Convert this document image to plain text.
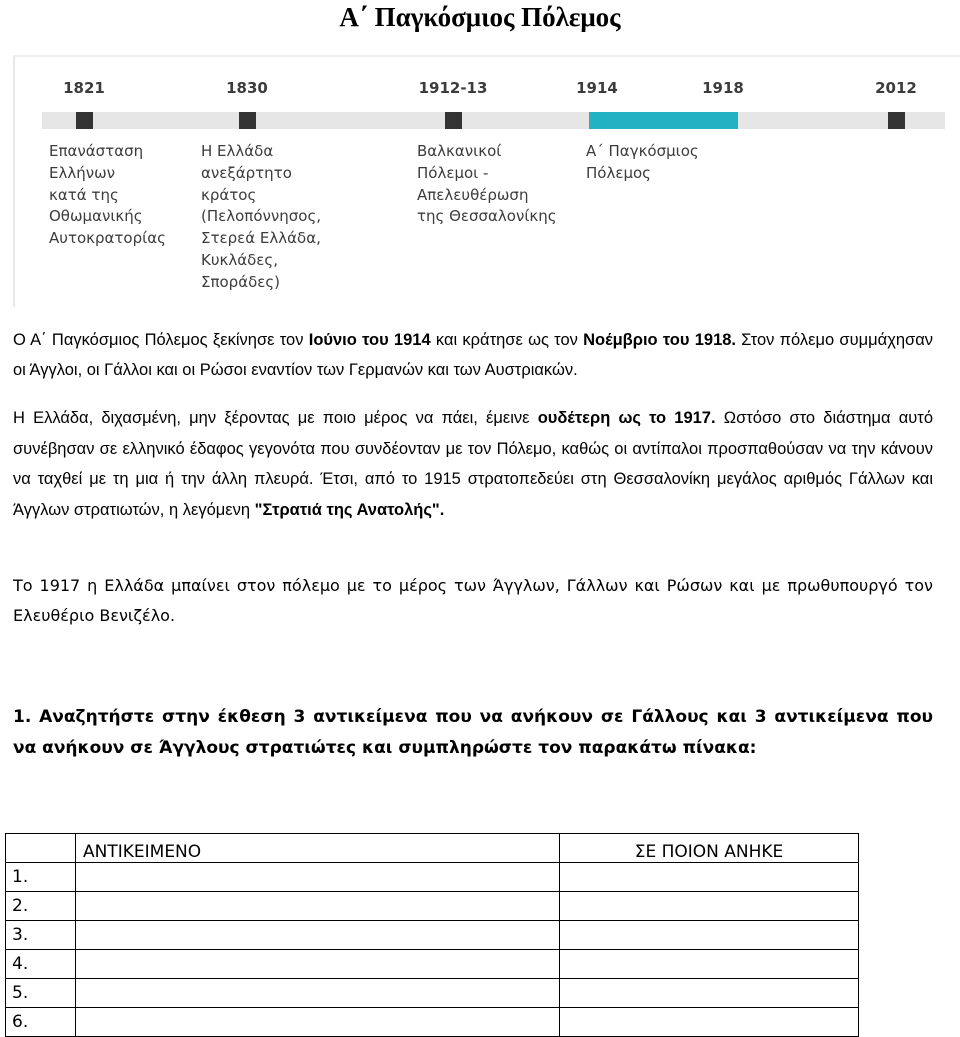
Α΄ Παγκόσμιος Πόλεμος
1821	1830	1912-13	1914	1918	2012
Επανάσταση
Ελλήνων
κατά της
Οθωμανικής
Αυτοκρατορίας
Η Ελλάδα
ανεξάρτητο
κράτος
(Πελοπόννησος,
Στερεά Ελλάδα,
Κυκλάδες,
Σποράδες)
Βαλκανικοί
Πόλεμοι -
Απελευθέρωση
της Θεσσαλονίκης
Α΄ Παγκόσμιος
Πόλεμος

Ο Α΄ Παγκόσμιος Πόλεμος ξεκίνησε τον Ιούνιο του 1914 και κράτησε ως τον Νοέμβριο του 1918. Στον πόλεμο συμμάχησαν οι Άγγλοι, οι Γάλλοι και οι Ρώσοι εναντίον των Γερμανών και των Αυστριακών.

Η Ελλάδα, διχασμένη, μην ξέροντας με ποιο μέρος να πάει, έμεινε ουδέτερη ως το 1917. Ωστόσο στο διάστημα αυτό συνέβησαν σε ελληνικό έδαφος γεγονότα που συνδέονταν με τον Πόλεμο, καθώς οι αντίπαλοι προσπαθούσαν να την κάνουν να ταχθεί με τη μια ή την άλλη πλευρά. Έτσι, από το 1915 στρατοπεδεύει στη Θεσσαλονίκη μεγάλος αριθμός Γάλλων και Άγγλων στρατιωτών, η λεγόμενη "Στρατιά της Ανατολής".

Το 1917 η Ελλάδα μπαίνει στον πόλεμο με το μέρος των Άγγλων, Γάλλων και Ρώσων και με πρωθυπουργό τον Ελευθέριο Βενιζέλο.

1. Αναζητήστε στην έκθεση 3 αντικείμενα που να ανήκουν σε Γάλλους και 3 αντικείμενα που να ανήκουν σε Άγγλους στρατιώτες και συμπληρώστε τον παρακάτω πίνακα:

	ΑΝΤΙΚΕΙΜΕΝΟ	ΣΕ ΠΟΙΟΝ ΑΝΗΚΕ
1.		
2.		
3.		
4.		
5.		
6.		
